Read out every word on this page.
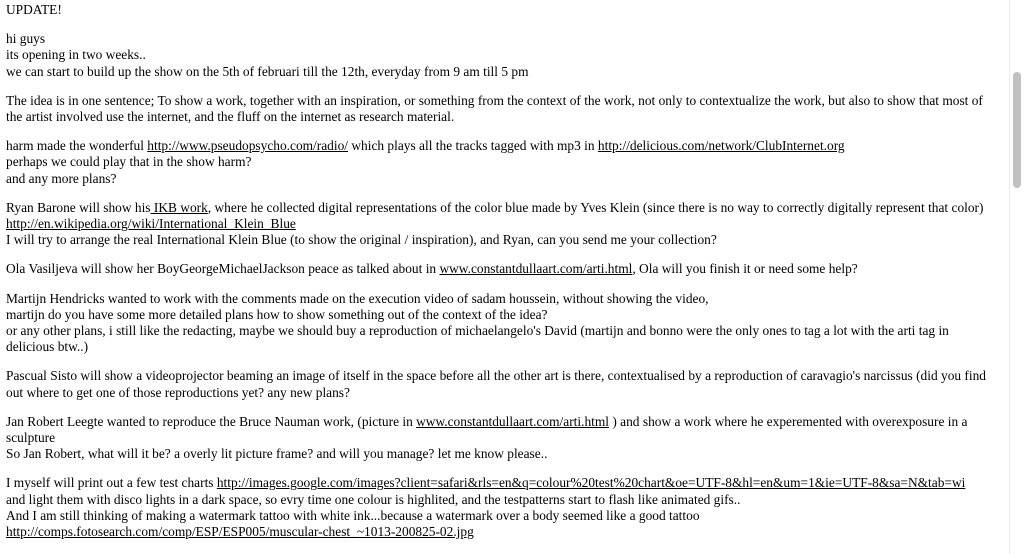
UPDATE!

hi guys
its opening in two weeks..
we can start to build up the show on the 5th of februari till the 12th, everyday from 9 am till 5 pm

The idea is in one sentence; To show a work, together with an inspiration, or something from the context of the work, not only to contextualize the work, but also to show that most of the artist involved use the internet, and the fluff on the internet as research material.

harm made the wonderful http://www.pseudopsycho.com/radio/ which plays all the tracks tagged with mp3 in http://delicious.com/network/ClubInternet.org
perhaps we could play that in the show harm?
and any more plans?

Ryan Barone will show his IKB work, where he collected digital representations of the color blue made by Yves Klein (since there is no way to correctly digitally represent that color) http://en.wikipedia.org/wiki/International_Klein_Blue
I will try to arrange the real International Klein Blue (to show the original / inspiration), and Ryan, can you send me your collection?

Ola Vasiljeva will show her BoyGeorgeMichaelJackson peace as talked about in www.constantdullaart.com/arti.html, Ola will you finish it or need some help?

Martijn Hendricks wanted to work with the comments made on the execution video of sadam houssein, without showing the video,
martijn do you have some more detailed plans how to show something out of the context of the idea?
or any other plans, i still like the redacting, maybe we should buy a reproduction of michaelangelo's David (martijn and bonno were the only ones to tag a lot with the arti tag in delicious btw..)

Pascual Sisto will show a videoprojector beaming an image of itself in the space before all the other art is there, contextualised by a reproduction of caravagio's narcissus (did you find out where to get one of those reproductions yet? any new plans?

Jan Robert Leegte wanted to reproduce the Bruce Nauman work, (picture in www.constantdullaart.com/arti.html ) and show a work where he experemented with overexposure in a sculpture
So Jan Robert, what will it be? a overly lit picture frame? and will you manage? let me know please..

I myself will print out a few test charts http://images.google.com/images?client=safari&rls=en&q=colour%20test%20chart&oe=UTF-8&hl=en&um=1&ie=UTF-8&sa=N&tab=wi
and light them with disco lights in a dark space, so evry time one colour is highlited, and the testpatterns start to flash like animated gifs..
And I am still thinking of making a watermark tattoo with white ink...because a watermark over a body seemed like a good tattoo http://comps.fotosearch.com/comp/ESP/ESP005/muscular-chest_~1013-200825-02.jpg
